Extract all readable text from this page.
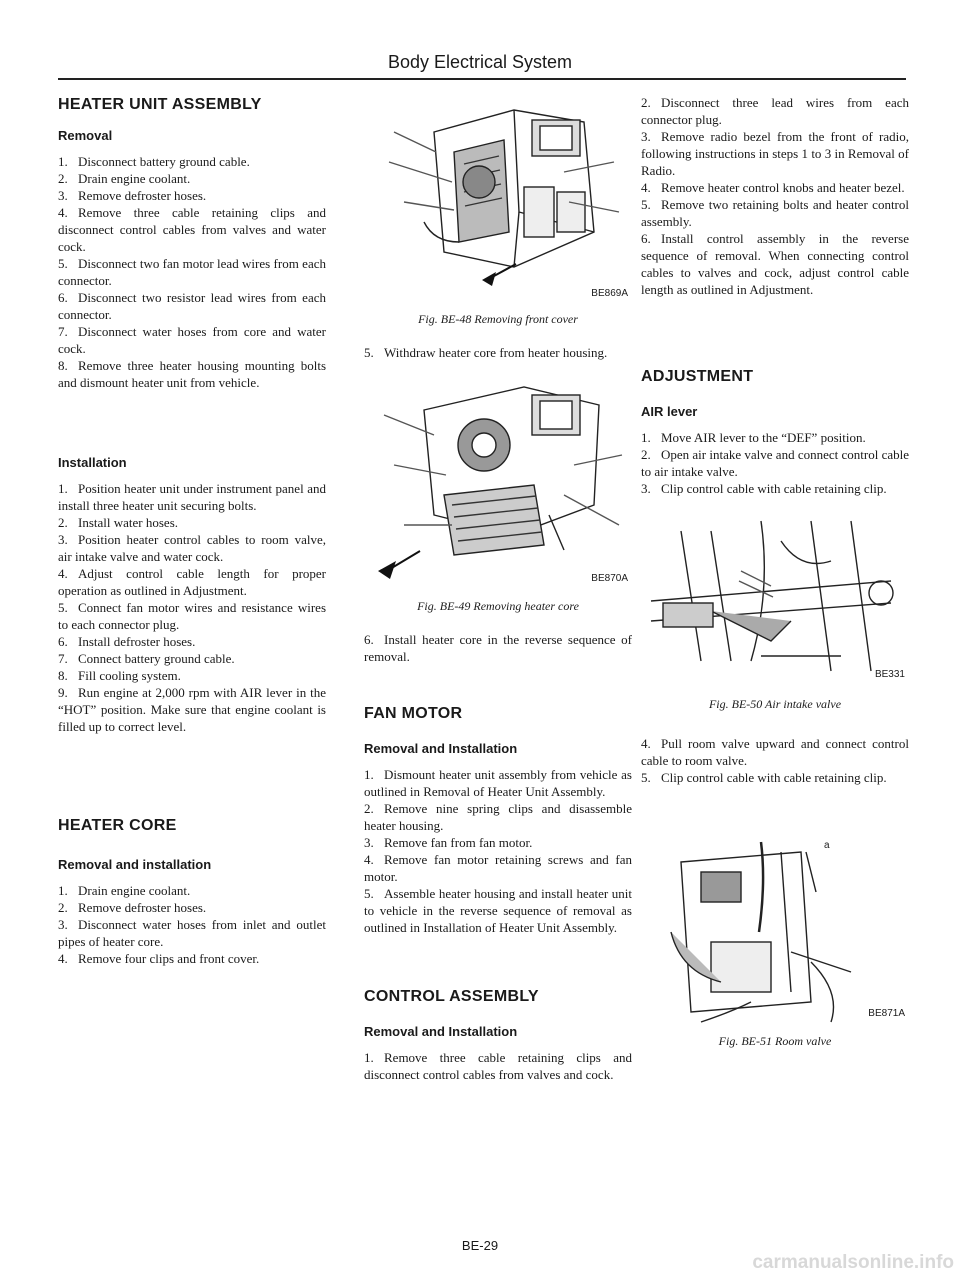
Body Electrical System
HEATER UNIT ASSEMBLY
Removal
1. Disconnect battery ground cable.
2. Drain engine coolant.
3. Remove defroster hoses.
4. Remove three cable retaining clips and disconnect control cables from valves and water cock.
5. Disconnect two fan motor lead wires from each connector.
6. Disconnect two resistor lead wires from each connector.
7. Disconnect water hoses from core and water cock.
8. Remove three heater housing mounting bolts and dismount heater unit from vehicle.
Installation
1. Position heater unit under instrument panel and install three heater unit securing bolts.
2. Install water hoses.
3. Position heater control cables to room valve, air intake valve and water cock.
4. Adjust control cable length for proper operation as outlined in Adjustment.
5. Connect fan motor wires and resistance wires to each connector plug.
6. Install defroster hoses.
7. Connect battery ground cable.
8. Fill cooling system.
9. Run engine at 2,000 rpm with AIR lever in the “HOT” position. Make sure that engine coolant is filled up to correct level.
HEATER CORE
Removal and installation
1. Drain engine coolant.
2. Remove defroster hoses.
3. Disconnect water hoses from inlet and outlet pipes of heater core.
4. Remove four clips and front cover.
BE869A
Fig. BE-48 Removing front cover
5. Withdraw heater core from heater housing.
BE870A
Fig. BE-49 Removing heater core
6. Install heater core in the reverse sequence of removal.
FAN MOTOR
Removal and Installation
1. Dismount heater unit assembly from vehicle as outlined in Removal of Heater Unit Assembly.
2. Remove nine spring clips and disassemble heater housing.
3. Remove fan from fan motor.
4. Remove fan motor retaining screws and fan motor.
5. Assemble heater housing and install heater unit to vehicle in the reverse sequence of removal as outlined in Installation of Heater Unit Assembly.
CONTROL ASSEMBLY
Removal and Installation
1. Remove three cable retaining clips and disconnect control cables from valves and cock.
2. Disconnect three lead wires from each connector plug.
3. Remove radio bezel from the front of radio, following instructions in steps 1 to 3 in Removal of Radio.
4. Remove heater control knobs and heater bezel.
5. Remove two retaining bolts and heater control assembly.
6. Install control assembly in the reverse sequence of removal. When connecting control cables to valves and cock, adjust control cable length as outlined in Adjustment.
ADJUSTMENT
AIR lever
1. Move AIR lever to the “DEF” position.
2. Open air intake valve and connect control cable to air intake valve.
3. Clip control cable with cable retaining clip.
BE331
Fig. BE-50 Air intake valve
4. Pull room valve upward and connect control cable to room valve.
5. Clip control cable with cable retaining clip.
a
BE871A
Fig. BE-51 Room valve
BE-29
carmanualsonline.info
